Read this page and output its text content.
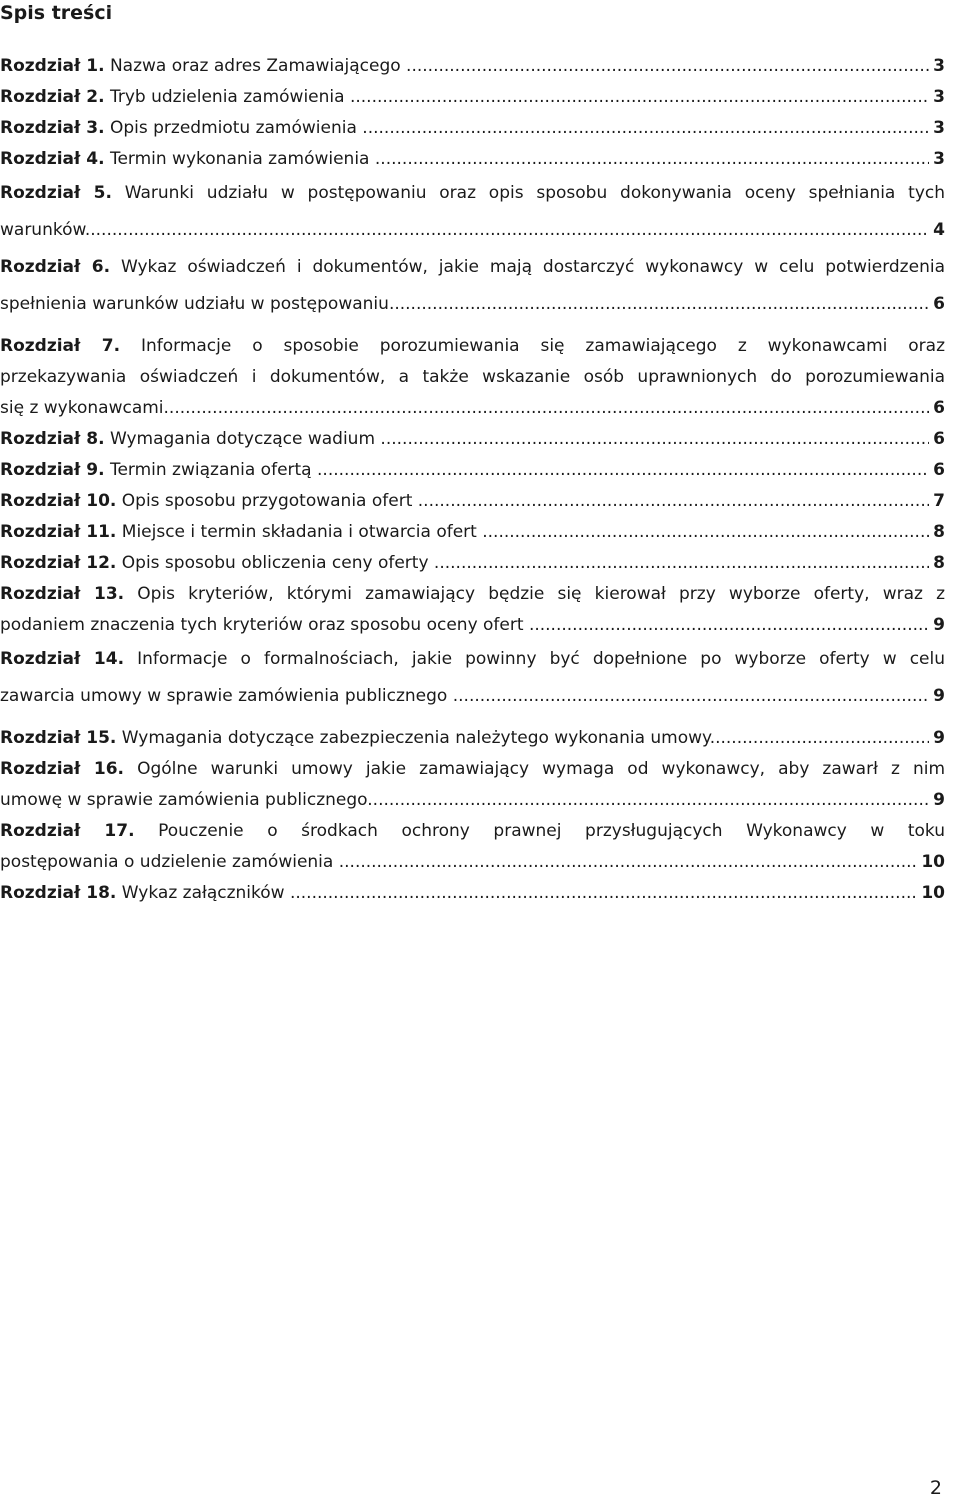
Spis treści
Rozdział 1. Nazwa oraz adres Zamawiającego .....	3
Rozdział 2. Tryb udzielenia zamówienia .....	3
Rozdział 3. Opis przedmiotu zamówienia .....	3
Rozdział 4. Termin wykonania zamówienia .....	3
Rozdział 5. Warunki udziału w postępowaniu oraz opis sposobu dokonywania oceny spełniania tych
warunków .....	4
Rozdział 6. Wykaz oświadczeń i dokumentów, jakie mają dostarczyć wykonawcy w celu potwierdzenia
spełnienia warunków udziału w postępowaniu .....	6
Rozdział 7. Informacje o sposobie porozumiewania się zamawiającego z wykonawcami oraz
przekazywania oświadczeń i dokumentów, a także wskazanie osób uprawnionych do porozumiewania
się z wykonawcami .....	6
Rozdział 8. Wymagania dotyczące wadium .....	6
Rozdział 9. Termin związania ofertą .....	6
Rozdział 10. Opis sposobu przygotowania ofert .....	7
Rozdział 11. Miejsce i termin składania i otwarcia ofert .....	8
Rozdział 12. Opis sposobu obliczenia ceny oferty .....	8
Rozdział 13. Opis kryteriów, którymi zamawiający będzie się kierował przy wyborze oferty, wraz z
podaniem znaczenia tych kryteriów oraz sposobu oceny ofert .....	9
Rozdział 14. Informacje o formalnościach, jakie powinny być dopełnione po wyborze oferty w celu
zawarcia umowy w sprawie zamówienia publicznego .....	9
Rozdział 15. Wymagania dotyczące zabezpieczenia należytego wykonania umowy .....	9
Rozdział 16. Ogólne warunki umowy jakie zamawiający wymaga od wykonawcy, aby zawarł z nim
umowę w sprawie zamówienia publicznego .....	9
Rozdział 17. Pouczenie o środkach ochrony prawnej przysługujących Wykonawcy w toku
postępowania o udzielenie zamówienia .....	10
Rozdział 18. Wykaz załączników .....	10
2
